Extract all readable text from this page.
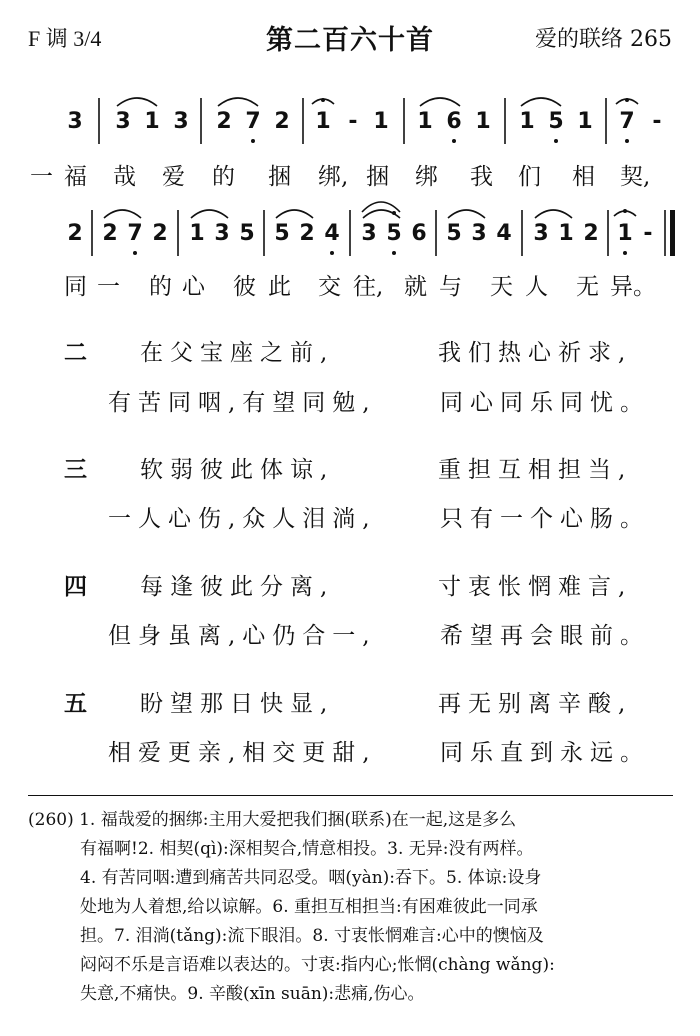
F 调 3/4	第二百六十首	爱的联络 265
3 3 1 3 2 7 2 1 - 1 1 6 1 1 5 1 7 -
2 2 7 2 1 3 5 5 2 4 3 5 6 5 3 4 3 1 2 1 -
一 福 哉 爱 的 捆 绑, 捆 绑 我 们 相 契,
同 一 的 心 彼 此 交 往, 就 与 天 人 无 异。
二 在父宝座之前,	我们热心祈求,
有苦同咽,有望同勉,	同心同乐同忧。
三 软弱彼此体谅,	重担互相担当,
一人心伤,众人泪淌,	只有一个心肠。
四 每逢彼此分离,	寸衷怅惘难言,
但身虽离,心仍合一,	希望再会眼前。
五 盼望那日快显,	再无别离辛酸,
相爱更亲,相交更甜,	同乐直到永远。

(260) 1. 福哉爱的捆绑:主用大爱把我们捆(联系)在一起,这是多么

有福啊!2. 相契(qì):深相契合,情意相投。3. 无异:没有两样。

4. 有苦同咽:遭到痛苦共同忍受。咽(yàn):吞下。5. 体谅:设身

处地为人着想,给以谅解。6. 重担互相担当:有困难彼此一同承

担。7. 泪淌(tǎng):流下眼泪。8. 寸衷怅惘难言:心中的懊恼及

闷闷不乐是言语难以表达的。寸衷:指内心;怅惘(chàng wǎng):

失意,不痛快。9. 辛酸(xīn suān):悲痛,伤心。
